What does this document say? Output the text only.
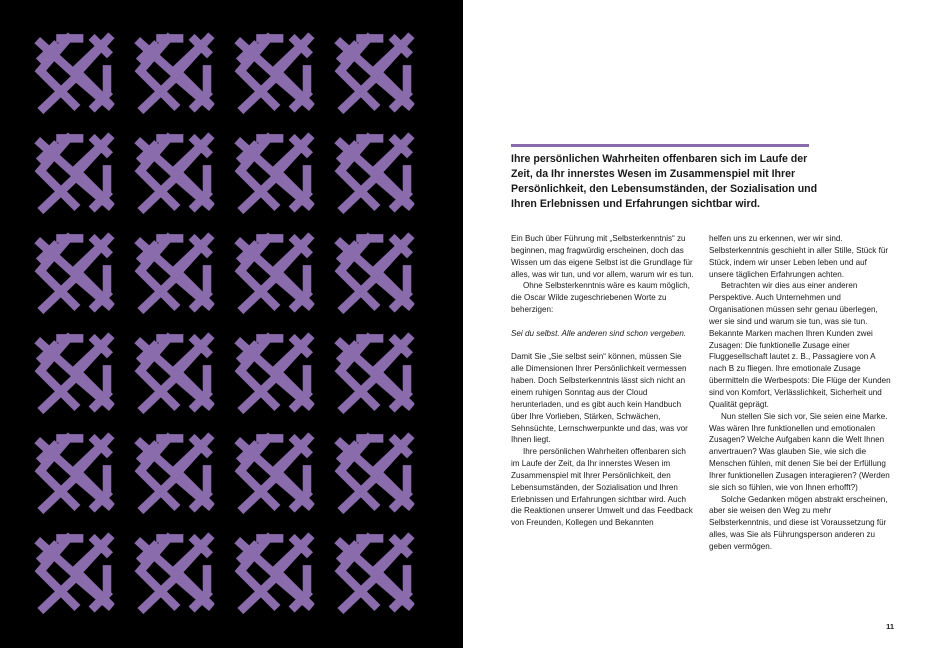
Ihre persönlichen Wahrheiten offenbaren sich im Laufe der Zeit, da Ihr innerstes Wesen im Zusammenspiel mit Ihrer Persönlichkeit, den Lebensumständen, der Sozialisation und Ihren Erlebnissen und Erfahrungen sichtbar wird.

Ein Buch über Führung mit „Selbsterkenntnis“ zu beginnen, mag fragwürdig erscheinen, doch das Wissen um das eigene Selbst ist die Grundlage für alles, was wir tun, und vor allem, warum wir es tun.

Ohne Selbsterkenntnis wäre es kaum möglich, die Oscar Wilde zugeschriebenen Worte zu beherzigen:

Sei du selbst. Alle anderen sind schon vergeben.

Damit Sie „Sie selbst sein“ können, müssen Sie alle Dimensionen Ihrer Persönlichkeit vermessen haben. Doch Selbsterkenntnis lässt sich nicht an einem ruhigen Sonntag aus der Cloud herunterladen, und es gibt auch kein Handbuch über Ihre Vorlieben, Stärken, Schwächen, Sehnsüchte, Lernschwerpunkte und das, was vor Ihnen liegt.

Ihre persönlichen Wahrheiten offenbaren sich im Laufe der Zeit, da Ihr innerstes Wesen im Zusammenspiel mit Ihrer Persönlichkeit, den Lebensumständen, der Sozialisation und Ihren Erlebnissen und Erfahrungen sichtbar wird. Auch die Reaktionen unserer Umwelt und das Feedback von Freunden, Kollegen und Bekannten

helfen uns zu erkennen, wer wir sind. Selbsterkenntnis geschieht in aller Stille, Stück für Stück, indem wir unser Leben leben und auf unsere täglichen Erfahrungen achten.

Betrachten wir dies aus einer anderen Perspektive. Auch Unternehmen und Organisationen müssen sehr genau überlegen, wer sie sind und warum sie tun, was sie tun. Bekannte Marken machen Ihren Kunden zwei Zusagen: Die funktionelle Zusage einer Fluggesellschaft lautet z. B., Passagiere von A nach B zu fliegen. Ihre emotionale Zusage übermitteln die Werbespots: Die Flüge der Kunden sind von Komfort, Verlässlichkeit, Sicherheit und Qualität geprägt.

Nun stellen Sie sich vor, Sie seien eine Marke. Was wären Ihre funktionellen und emotionalen Zusagen? Welche Aufgaben kann die Welt Ihnen anvertrauen? Was glauben Sie, wie sich die Menschen fühlen, mit denen Sie bei der Erfüllung Ihrer funktionellen Zusagen interagieren? (Werden sie sich so fühlen, wie von Ihnen erhofft?)

Solche Gedanken mögen abstrakt erscheinen, aber sie weisen den Weg zu mehr Selbsterkenntnis, und diese ist Voraussetzung für alles, was Sie als Führungsperson anderen zu geben vermögen.

11
